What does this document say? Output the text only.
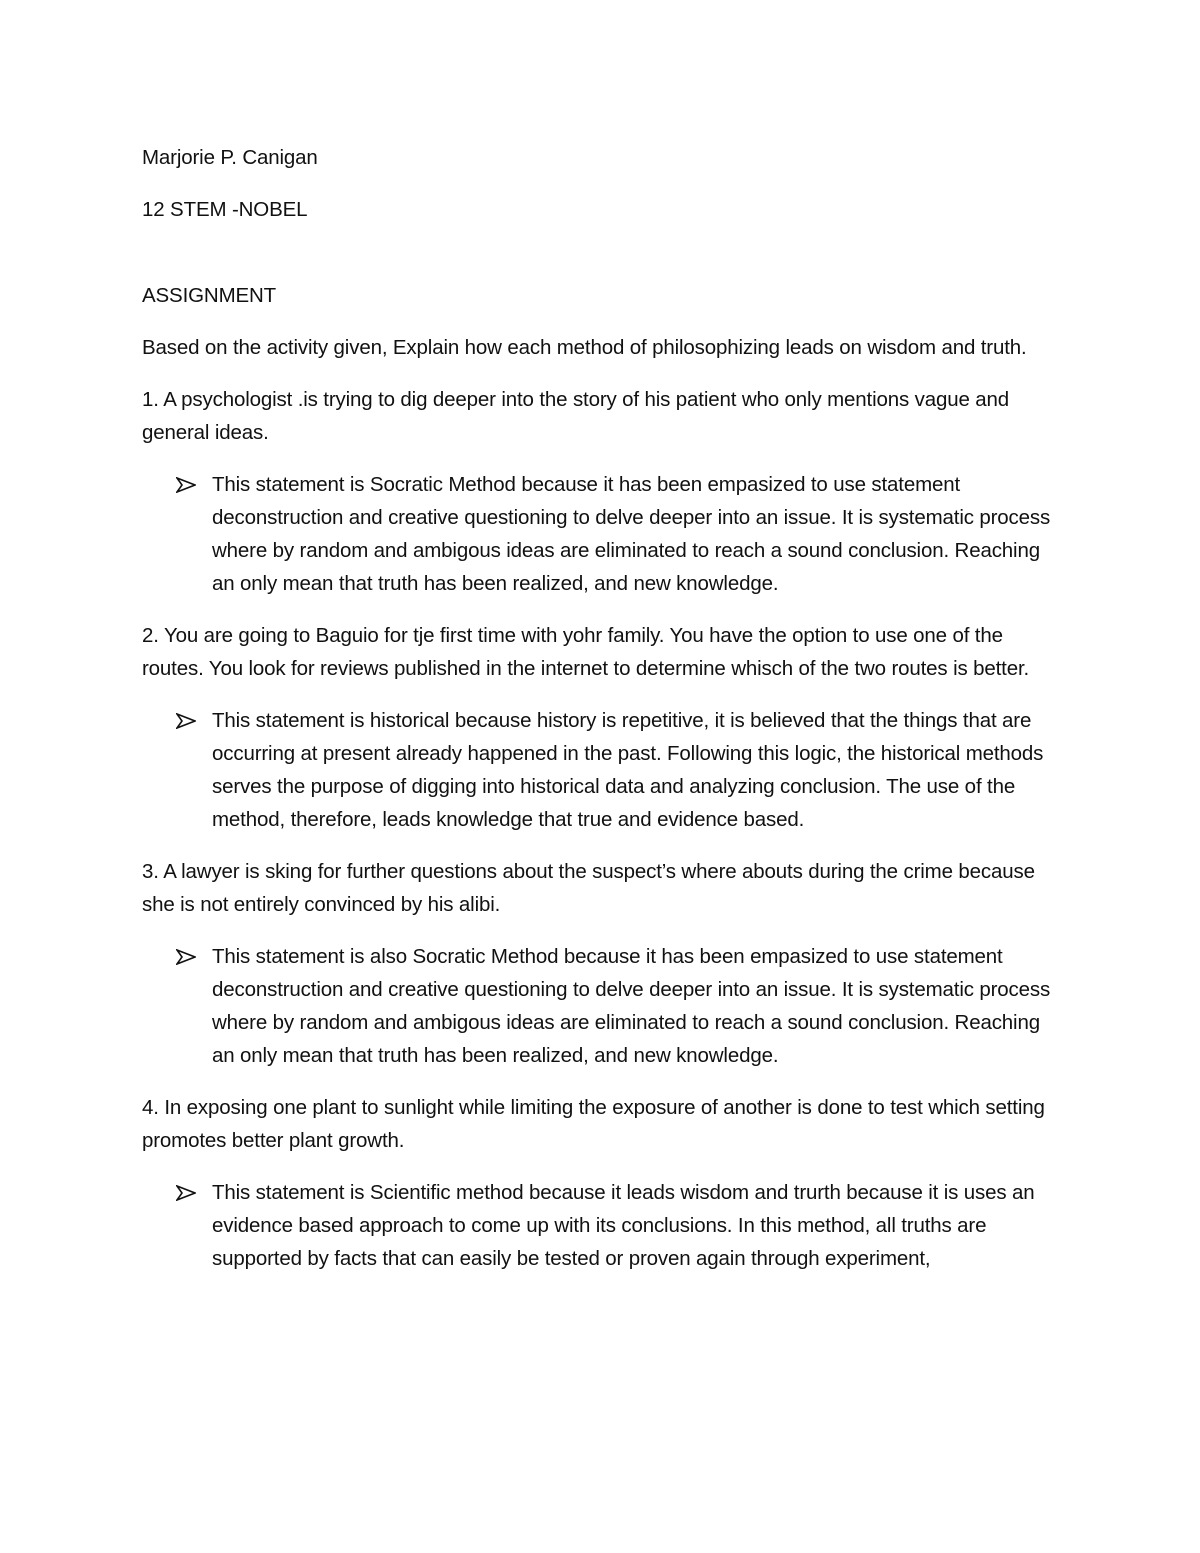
Marjorie P. Canigan

12 STEM -NOBEL

ASSIGNMENT

Based on the activity given, Explain how each method of philosophizing leads on wisdom and truth.

1. A psychologist .is trying to dig deeper into the story of his patient who only mentions vague and general ideas.

This statement is Socratic Method because it has been empasized to use statement deconstruction and creative questioning to delve deeper into an issue. It is systematic process where by random and ambigous ideas are eliminated to reach a sound conclusion. Reaching an only mean that truth has been realized, and new knowledge.

2. You are going to Baguio for tje first time with yohr family. You have the option to use one of the routes. You look for reviews published in the internet to determine whisch of the two routes is better.

This statement is historical because history is repetitive, it is believed that the things that are occurring at present already happened in the past. Following this logic, the historical methods serves the purpose of digging into historical data and analyzing conclusion. The use of the method, therefore, leads knowledge that true and evidence based.

3. A lawyer is sking for further questions about the suspect’s where abouts during the crime because she is not entirely convinced by his alibi.

This statement is also Socratic Method because it has been empasized to use statement deconstruction and creative questioning to delve deeper into an issue. It is systematic process where by random and ambigous ideas are eliminated to reach a sound conclusion. Reaching an only mean that truth has been realized, and new knowledge.

4. In exposing one plant to sunlight while limiting the exposure of another is done to test which setting promotes better plant growth.

This statement is Scientific method because it leads wisdom and trurth because it is uses an evidence based approach to come up with its conclusions. In this method, all truths are supported by facts that can easily be tested or proven again through experiment,
